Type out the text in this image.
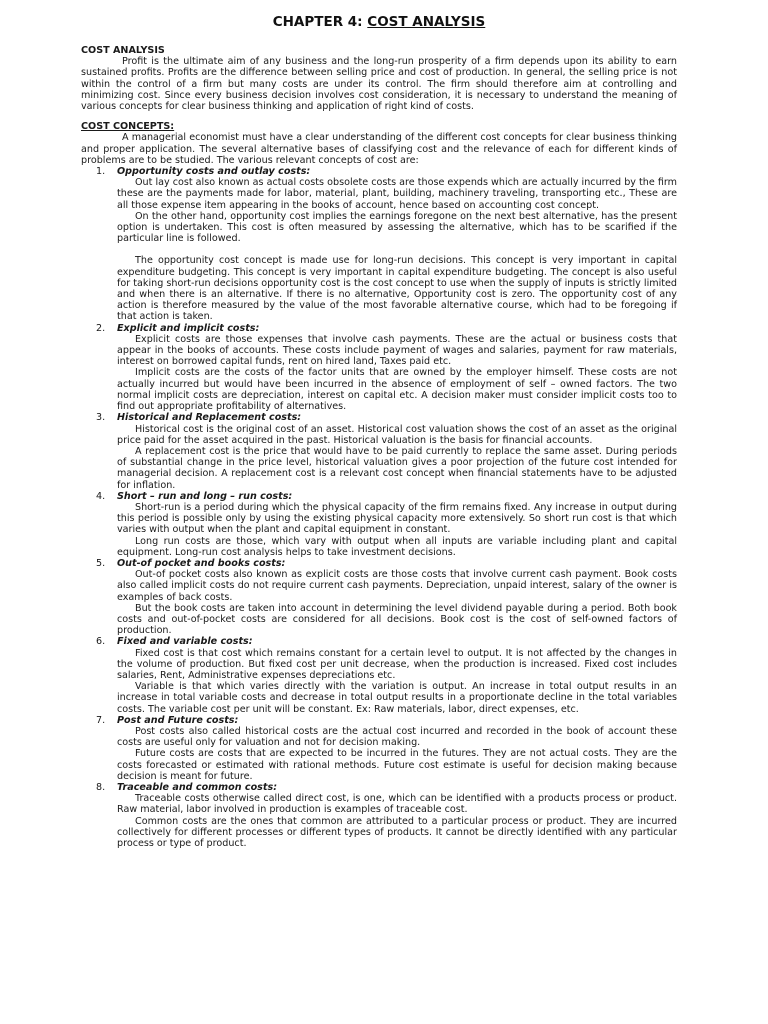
CHAPTER 4: COST ANALYSIS
COST ANALYSIS

Profit is the ultimate aim of any business and the long-run prosperity of a firm depends upon its ability to earn sustained profits. Profits are the difference between selling price and cost of production. In general, the selling price is not within the control of a firm but many costs are under its control. The firm should therefore aim at controlling and minimizing cost. Since every business decision involves cost consideration, it is necessary to understand the meaning of various concepts for clear business thinking and application of right kind of costs.

COST CONCEPTS:

A managerial economist must have a clear understanding of the different cost concepts for clear business thinking and proper application. The several alternative bases of classifying cost and the relevance of each for different kinds of problems are to be studied. The various relevant concepts of cost are:

1. Opportunity costs and outlay costs:

Out lay cost also known as actual costs obsolete costs are those expends which are actually incurred by the firm these are the payments made for labor, material, plant, building, machinery traveling, transporting etc., These are all those expense item appearing in the books of account, hence based on accounting cost concept.

On the other hand, opportunity cost implies the earnings foregone on the next best alternative, has the present option is undertaken. This cost is often measured by assessing the alternative, which has to be scarified if the particular line is followed.

The opportunity cost concept is made use for long-run decisions. This concept is very important in capital expenditure budgeting. This concept is very important in capital expenditure budgeting. The concept is also useful for taking short-run decisions opportunity cost is the cost concept to use when the supply of inputs is strictly limited and when there is an alternative. If there is no alternative, Opportunity cost is zero. The opportunity cost of any action is therefore measured by the value of the most favorable alternative course, which had to be foregoing if that action is taken.

2. Explicit and implicit costs:

Explicit costs are those expenses that involve cash payments. These are the actual or business costs that appear in the books of accounts. These costs include payment of wages and salaries, payment for raw materials, interest on borrowed capital funds, rent on hired land, Taxes paid etc.

Implicit costs are the costs of the factor units that are owned by the employer himself. These costs are not actually incurred but would have been incurred in the absence of employment of self – owned factors. The two normal implicit costs are depreciation, interest on capital etc. A decision maker must consider implicit costs too to find out appropriate profitability of alternatives.

3. Historical and Replacement costs:

Historical cost is the original cost of an asset. Historical cost valuation shows the cost of an asset as the original price paid for the asset acquired in the past. Historical valuation is the basis for financial accounts.

A replacement cost is the price that would have to be paid currently to replace the same asset. During periods of substantial change in the price level, historical valuation gives a poor projection of the future cost intended for managerial decision. A replacement cost is a relevant cost concept when financial statements have to be adjusted for inflation.

4. Short – run and long – run costs:

Short-run is a period during which the physical capacity of the firm remains fixed. Any increase in output during this period is possible only by using the existing physical capacity more extensively. So short run cost is that which varies with output when the plant and capital equipment in constant.

Long run costs are those, which vary with output when all inputs are variable including plant and capital equipment. Long-run cost analysis helps to take investment decisions.

5. Out-of pocket and books costs:

Out-of pocket costs also known as explicit costs are those costs that involve current cash payment. Book costs also called implicit costs do not require current cash payments. Depreciation, unpaid interest, salary of the owner is examples of back costs.

But the book costs are taken into account in determining the level dividend payable during a period. Both book costs and out-of-pocket costs are considered for all decisions. Book cost is the cost of self-owned factors of production.

6. Fixed and variable costs:

Fixed cost is that cost which remains constant for a certain level to output. It is not affected by the changes in the volume of production. But fixed cost per unit decrease, when the production is increased. Fixed cost includes salaries, Rent, Administrative expenses depreciations etc.

Variable is that which varies directly with the variation is output. An increase in total output results in an increase in total variable costs and decrease in total output results in a proportionate decline in the total variables costs. The variable cost per unit will be constant. Ex: Raw materials, labor, direct expenses, etc.

7. Post and Future costs:

Post costs also called historical costs are the actual cost incurred and recorded in the book of account these costs are useful only for valuation and not for decision making.

Future costs are costs that are expected to be incurred in the futures. They are not actual costs. They are the costs forecasted or estimated with rational methods. Future cost estimate is useful for decision making because decision is meant for future.

8. Traceable and common costs:

Traceable costs otherwise called direct cost, is one, which can be identified with a products process or product. Raw material, labor involved in production is examples of traceable cost.

Common costs are the ones that common are attributed to a particular process or product. They are incurred collectively for different processes or different types of products. It cannot be directly identified with any particular process or type of product.
